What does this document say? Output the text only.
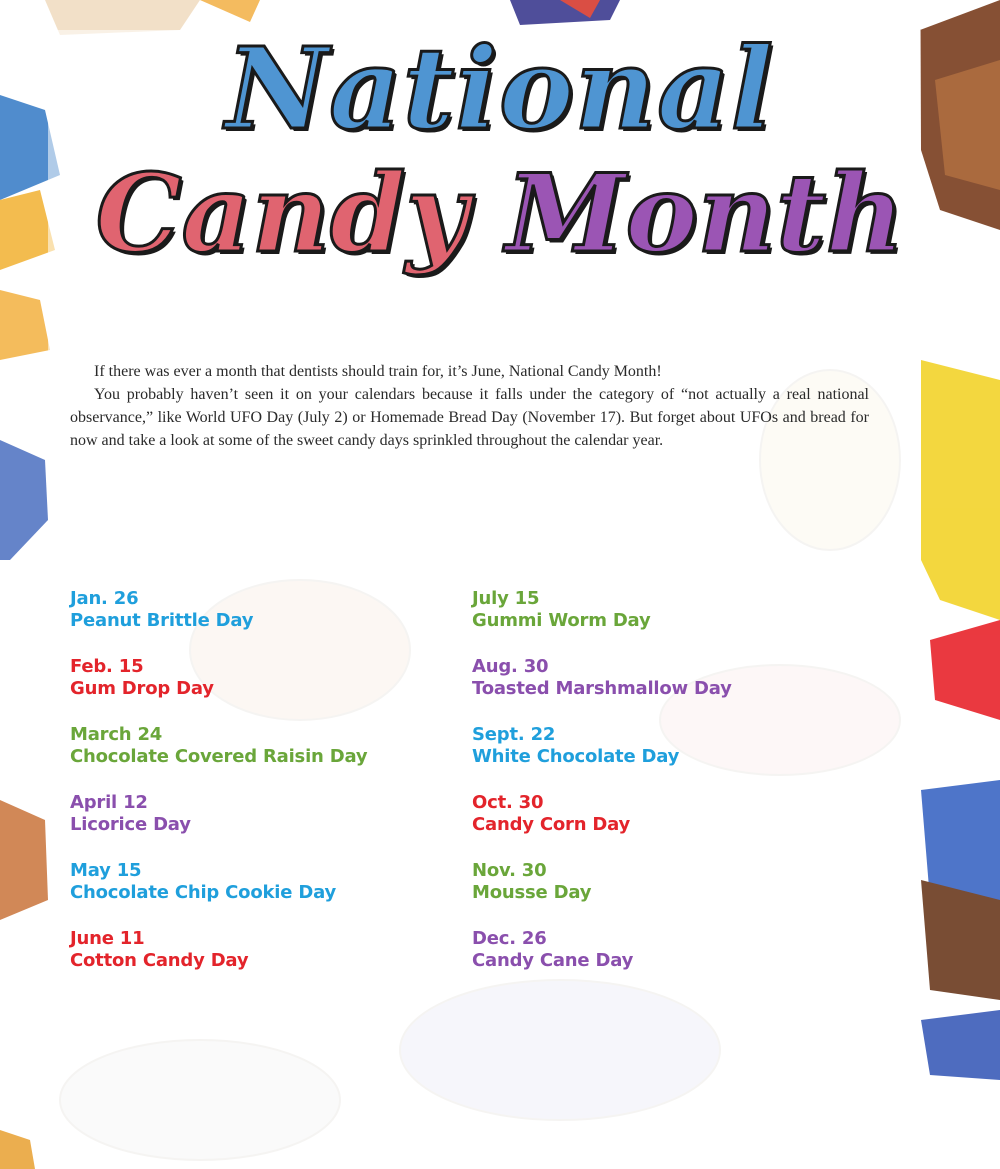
National
Candy Month

If there was ever a month that dentists should train for, it’s June, National Candy Month!

You probably haven’t seen it on your calendars because it falls under the category of “not actually a real national observance,” like World UFO Day (July 2) or Homemade Bread Day (November 17). But forget about UFOs and bread for now and take a look at some of the sweet candy days sprinkled throughout the calendar year.

Jan. 26
Peanut Brittle Day
Feb. 15
Gum Drop Day
March 24
Chocolate Covered Raisin Day
April 12
Licorice Day
May 15
Chocolate Chip Cookie Day
June 11
Cotton Candy Day
July 15
Gummi Worm Day
Aug. 30
Toasted Marshmallow Day
Sept. 22
White Chocolate Day
Oct. 30
Candy Corn Day
Nov. 30
Mousse Day
Dec. 26
Candy Cane Day
